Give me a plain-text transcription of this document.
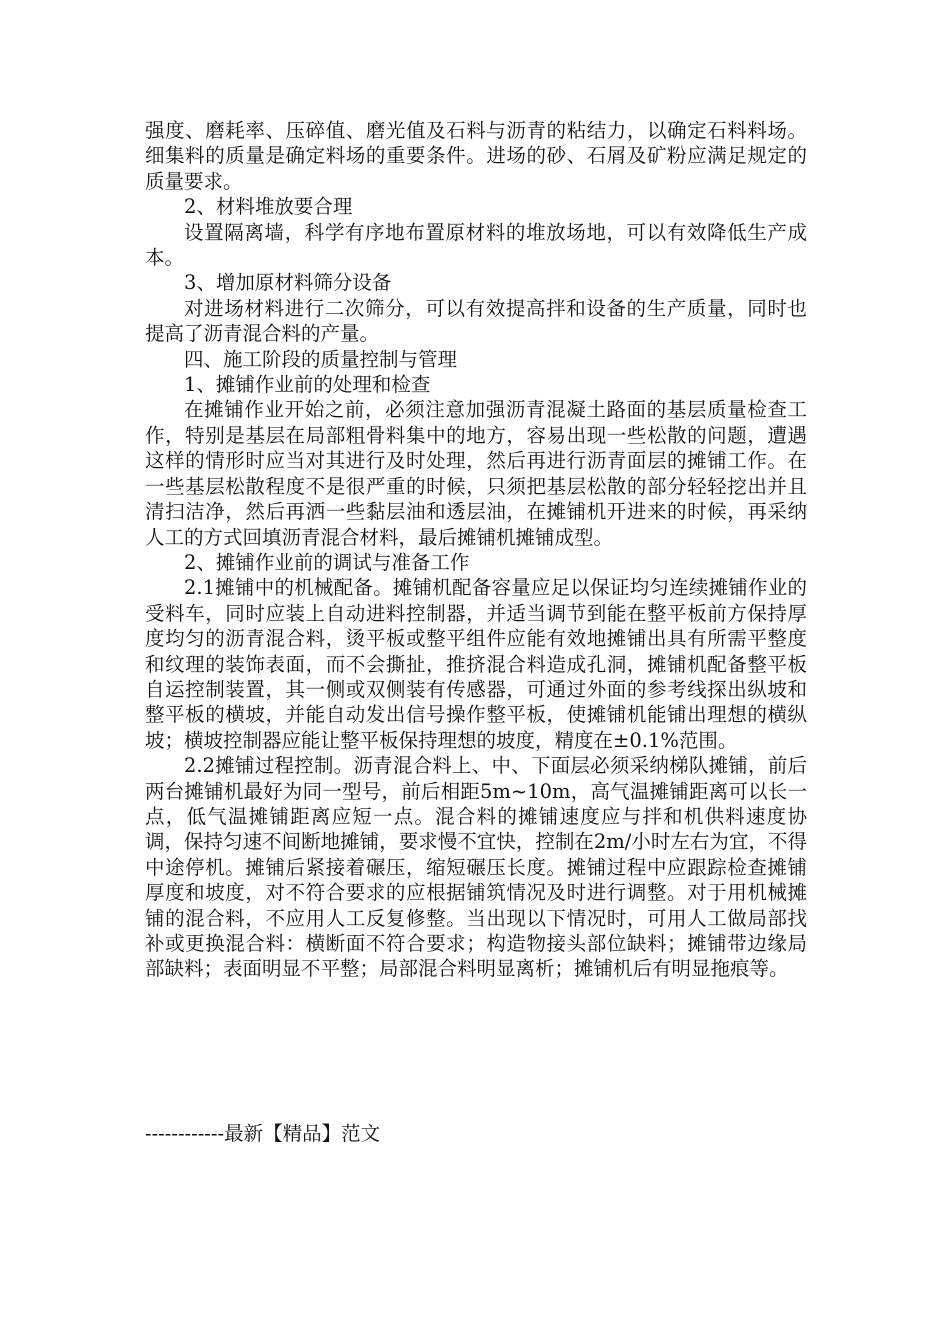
强度、磨耗率、压碎值、磨光值及石料与沥青的粘结力，以确定石料料场。细集料的质量是确定料场的重要条件。进场的砂、石屑及矿粉应满足规定的质量要求。

2、材料堆放要合理

设置隔离墙，科学有序地布置原材料的堆放场地，可以有效降低生产成本。

3、增加原材料筛分设备

对进场材料进行二次筛分，可以有效提高拌和设备的生产质量，同时也提高了沥青混合料的产量。

四、施工阶段的质量控制与管理

1、摊铺作业前的处理和检查

在摊铺作业开始之前，必须注意加强沥青混凝土路面的基层质量检查工作，特别是基层在局部粗骨料集中的地方，容易出现一些松散的问题，遭遇这样的情形时应当对其进行及时处理，然后再进行沥青面层的摊铺工作。在一些基层松散程度不是很严重的时候，只须把基层松散的部分轻轻挖出并且清扫洁净，然后再洒一些黏层油和透层油，在摊铺机开进来的时候，再采纳人工的方式回填沥青混合材料，最后摊铺机摊铺成型。

2、摊铺作业前的调试与准备工作

2.1摊铺中的机械配备。摊铺机配备容量应足以保证均匀连续摊铺作业的受料车，同时应装上自动进料控制器，并适当调节到能在整平板前方保持厚度均匀的沥青混合料，烫平板或整平组件应能有效地摊铺出具有所需平整度和纹理的装饰表面，而不会撕扯，推挤混合料造成孔洞，摊铺机配备整平板自运控制装置，其一侧或双侧装有传感器，可通过外面的参考线探出纵坡和整平板的横坡，并能自动发出信号操作整平板，使摊铺机能铺出理想的横纵坡；横坡控制器应能让整平板保持理想的坡度，精度在±0.1%范围。

2.2摊铺过程控制。沥青混合料上、中、下面层必须采纳梯队摊铺，前后两台摊铺机最好为同一型号，前后相距5m~10m，高气温摊铺距离可以长一点，低气温摊铺距离应短一点。混合料的摊铺速度应与拌和机供料速度协调，保持匀速不间断地摊铺，要求慢不宜快，控制在2m/小时左右为宜，不得中途停机。摊铺后紧接着碾压，缩短碾压长度。摊铺过程中应跟踪检查摊铺厚度和坡度，对不符合要求的应根据铺筑情况及时进行调整。对于用机械摊铺的混合料，不应用人工反复修整。当出现以下情况时，可用人工做局部找补或更换混合料：横断面不符合要求；构造物接头部位缺料；摊铺带边缘局部缺料；表面明显不平整；局部混合料明显离析；摊铺机后有明显拖痕等。

------------最新【精品】范文
